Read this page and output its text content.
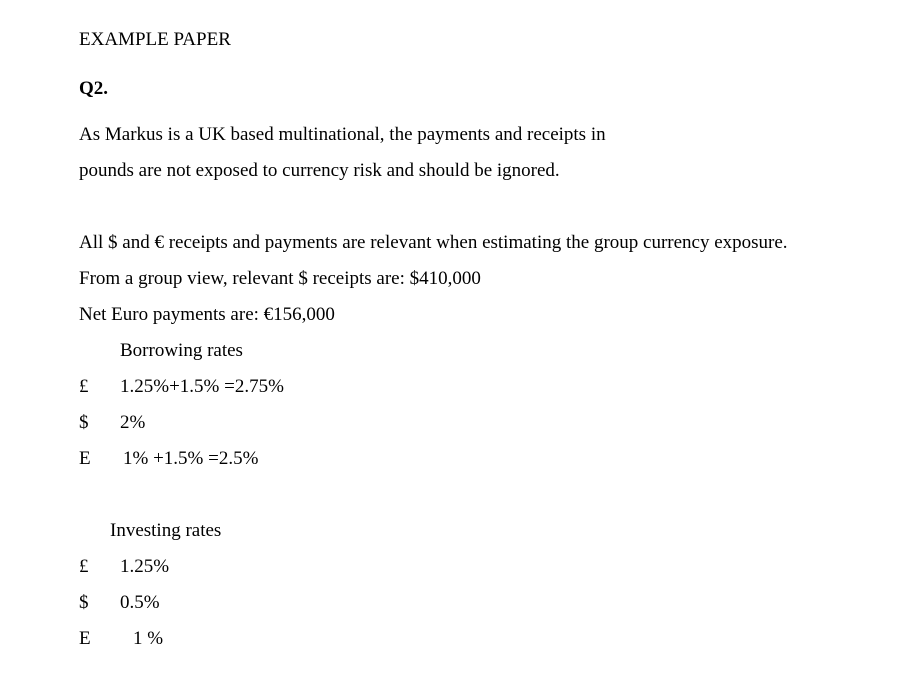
EXAMPLE PAPER
Q2.
As Markus is a UK based multinational, the payments and receipts in
pounds are not exposed to currency risk and should be ignored.
All $ and € receipts and payments are relevant when estimating the group currency exposure.
From a group view, relevant $ receipts are: $410,000
Net Euro payments are: €156,000
Borrowing rates
£ 1.25%+1.5% =2.75%
$ 2%
E 1% +1.5% =2.5%
Investing rates
£ 1.25%
$ 0.5%
E 1 %
